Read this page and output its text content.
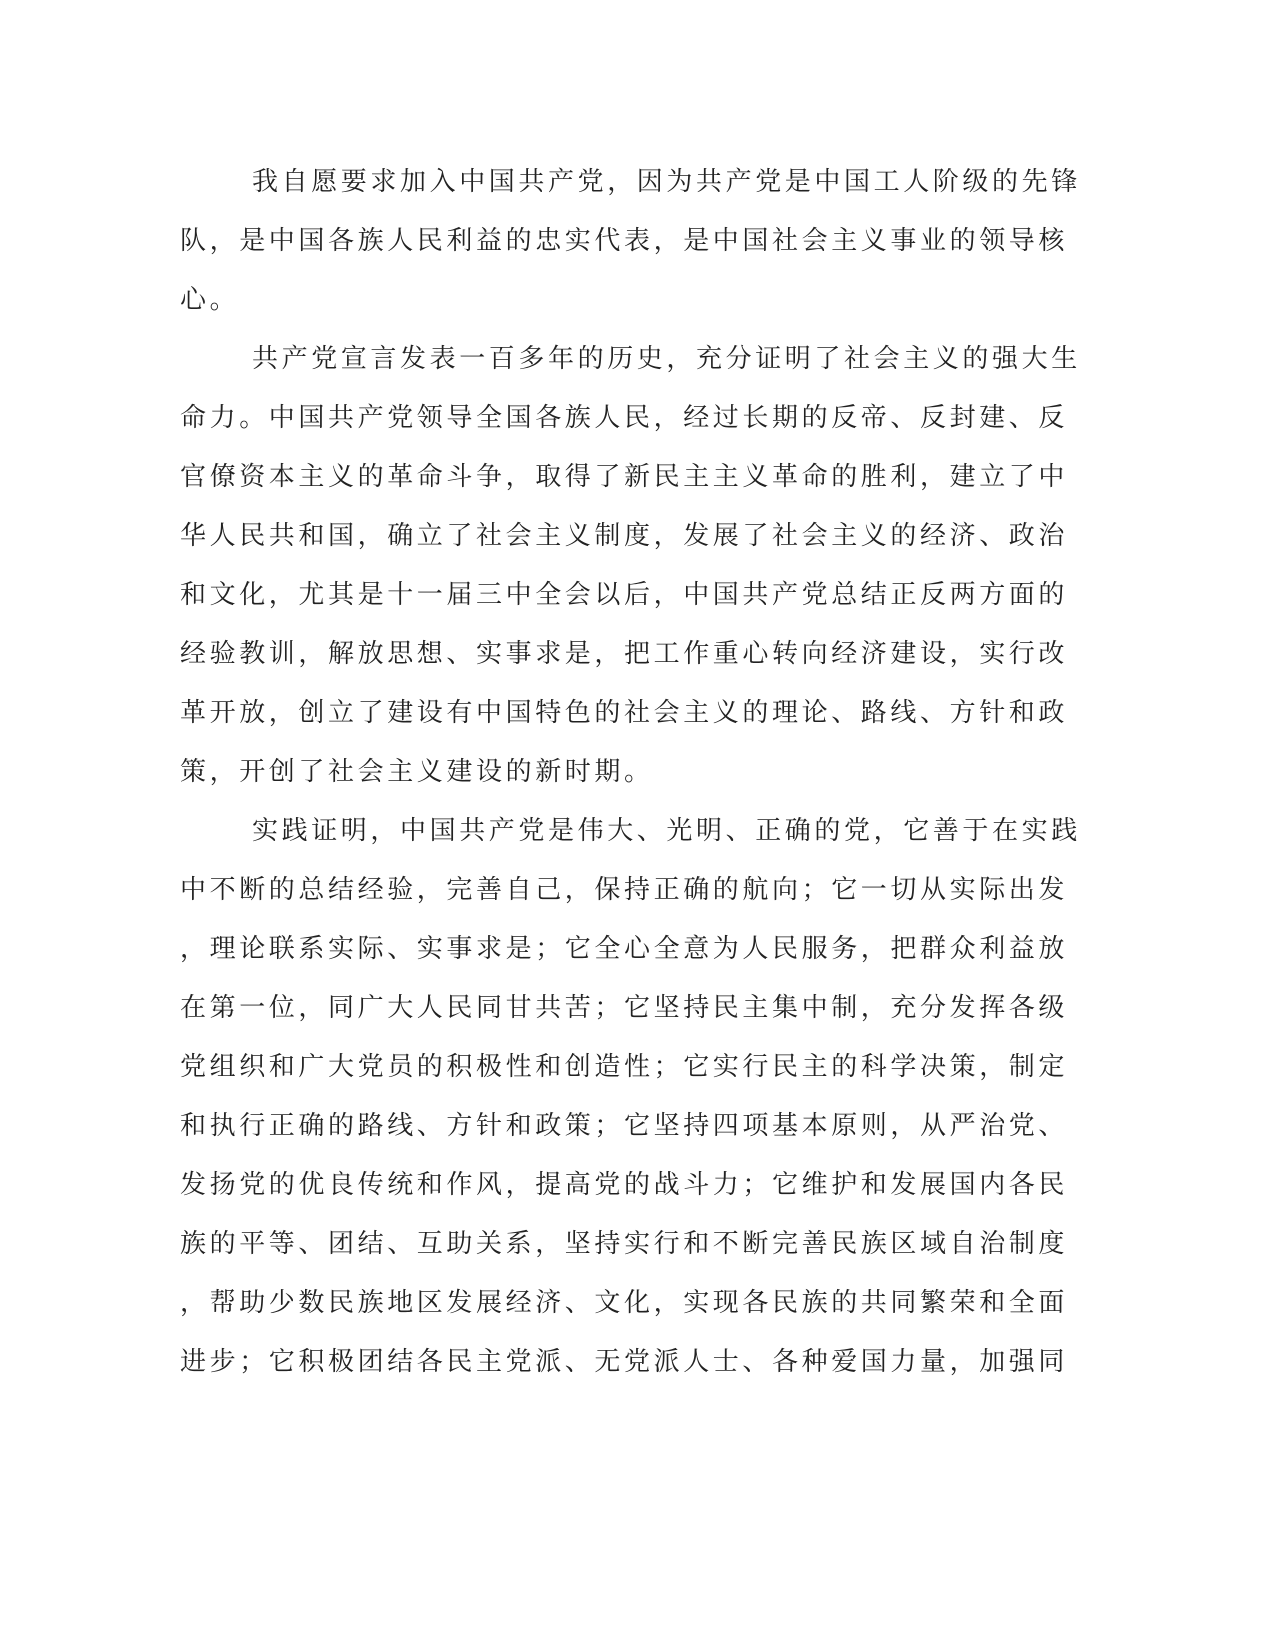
我自愿要求加入中国共产党，因为共产党是中国工人阶级的先锋
队，是中国各族人民利益的忠实代表，是中国社会主义事业的领导核
心。
共产党宣言发表一百多年的历史，充分证明了社会主义的强大生
命力。中国共产党领导全国各族人民，经过长期的反帝、反封建、反
官僚资本主义的革命斗争，取得了新民主主义革命的胜利，建立了中
华人民共和国，确立了社会主义制度，发展了社会主义的经济、政治
和文化，尤其是十一届三中全会以后，中国共产党总结正反两方面的
经验教训，解放思想、实事求是，把工作重心转向经济建设，实行改
革开放，创立了建设有中国特色的社会主义的理论、路线、方针和政
策，开创了社会主义建设的新时期。
实践证明，中国共产党是伟大、光明、正确的党，它善于在实践
中不断的总结经验，完善自己，保持正确的航向；它一切从实际出发
，理论联系实际、实事求是；它全心全意为人民服务，把群众利益放
在第一位，同广大人民同甘共苦；它坚持民主集中制，充分发挥各级
党组织和广大党员的积极性和创造性；它实行民主的科学决策，制定
和执行正确的路线、方针和政策；它坚持四项基本原则，从严治党、
发扬党的优良传统和作风，提高党的战斗力；它维护和发展国内各民
族的平等、团结、互助关系，坚持实行和不断完善民族区域自治制度
，帮助少数民族地区发展经济、文化，实现各民族的共同繁荣和全面
进步；它积极团结各民主党派、无党派人士、各种爱国力量，加强同
